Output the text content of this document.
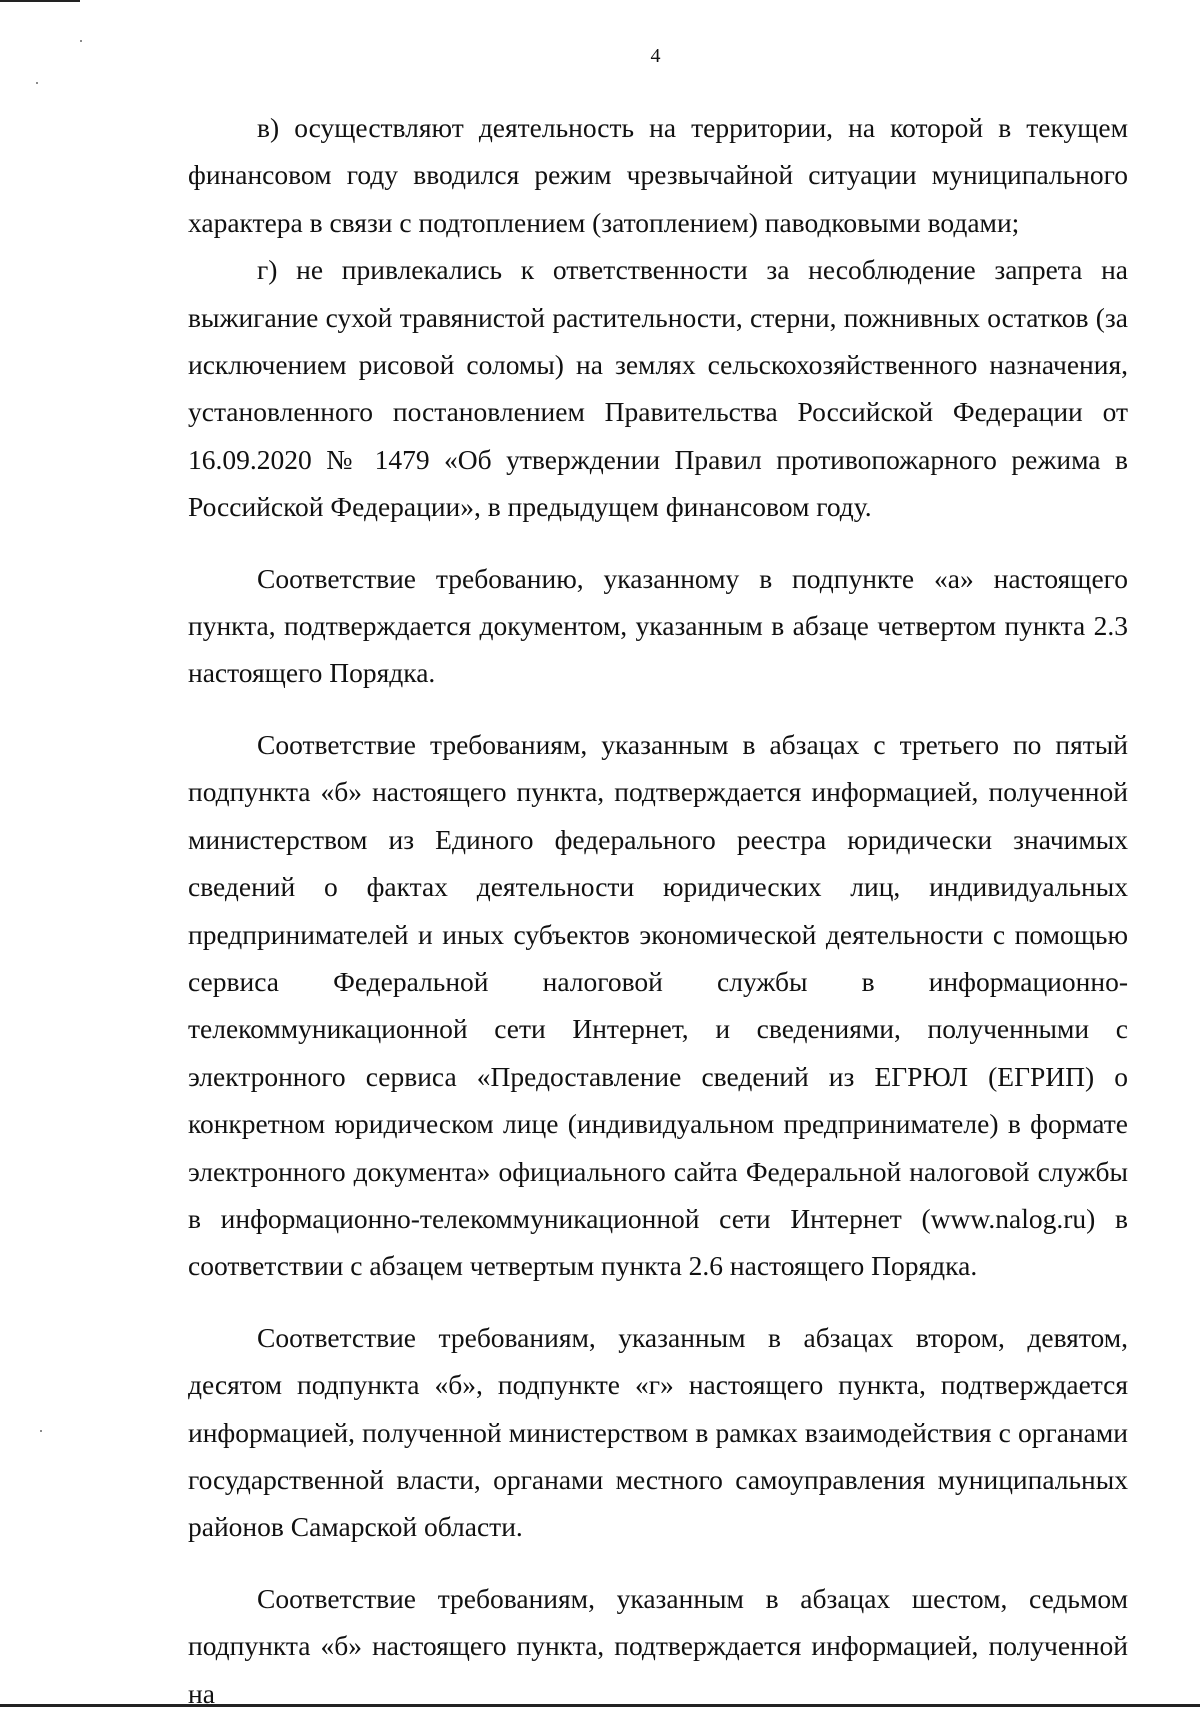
4

в) осуществляют деятельность на территории, на которой в текущем финансовом году вводился режим чрезвычайной ситуации муниципального характера в связи с подтоплением (затоплением) паводковыми водами;

г) не привлекались к ответственности за несоблюдение запрета на выжигание сухой травянистой растительности, стерни, пожнивных остатков (за исключением рисовой соломы) на землях сельскохозяйственного назначения, установленного постановлением Правительства Российской Федерации от 16.09.2020 № 1479 «Об утверждении Правил противопожарного режима в Российской Федерации», в предыдущем финансовом году.

Соответствие требованию, указанному в подпункте «а» настоящего пункта, подтверждается документом, указанным в абзаце четвертом пункта 2.3 настоящего Порядка.

Соответствие требованиям, указанным в абзацах с третьего по пятый подпункта «б» настоящего пункта, подтверждается информацией, полученной министерством из Единого федерального реестра юридически значимых сведений о фактах деятельности юридических лиц, индивидуальных предпринимателей и иных субъектов экономической деятельности с помощью сервиса Федеральной налоговой службы в информационно-телекоммуникационной сети Интернет, и сведениями, полученными с электронного сервиса «Предоставление сведений из ЕГРЮЛ (ЕГРИП) о конкретном юридическом лице (индивидуальном предпринимателе) в формате электронного документа» официального сайта Федеральной налоговой службы в информационно-телекоммуникационной сети Интернет (www.nalog.ru) в соответствии с абзацем четвертым пункта 2.6 настоящего Порядка.

Соответствие требованиям, указанным в абзацах втором, девятом, десятом подпункта «б», подпункте «г» настоящего пункта, подтверждается информацией, полученной министерством в рамках взаимодействия с органами государственной власти, органами местного самоуправления муниципальных районов Самарской области.

Соответствие требованиям, указанным в абзацах шестом, седьмом подпункта «б» настоящего пункта, подтверждается информацией, полученной на
